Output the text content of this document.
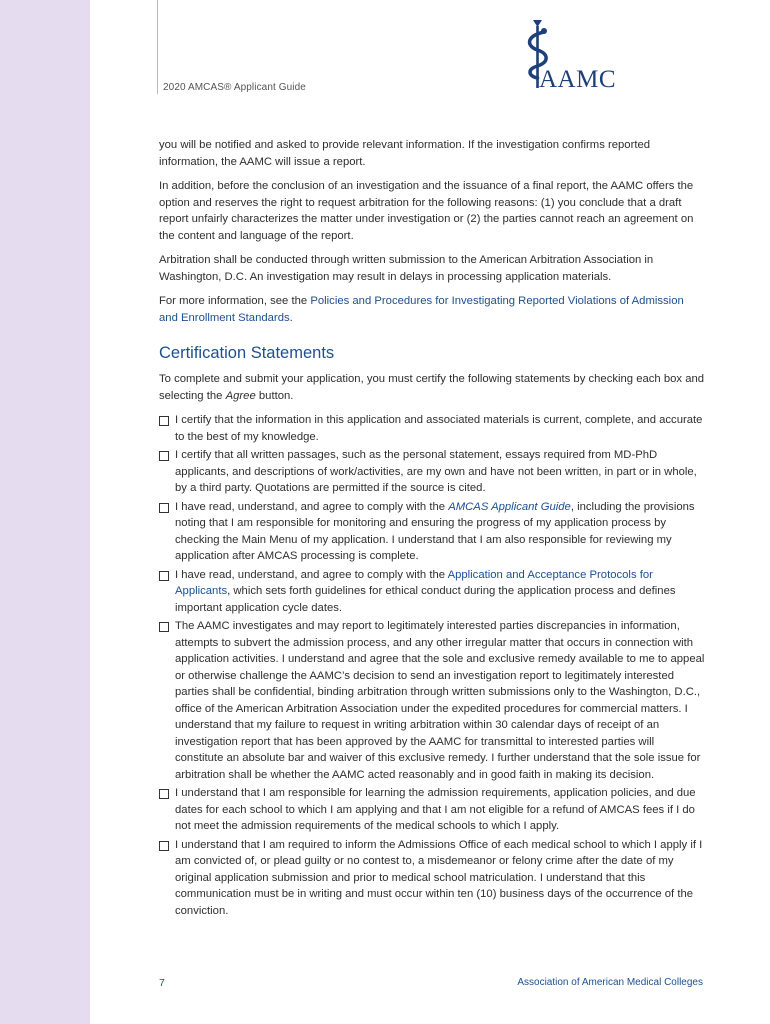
2020 AMCAS® Applicant Guide	AAMC

you will be notified and asked to provide relevant information. If the investigation confirms reported information, the AAMC will issue a report.

In addition, before the conclusion of an investigation and the issuance of a final report, the AAMC offers the option and reserves the right to request arbitration for the following reasons: (1) you conclude that a draft report unfairly characterizes the matter under investigation or (2) the parties cannot reach an agreement on the content and language of the report.

Arbitration shall be conducted through written submission to the American Arbitration Association in Washington, D.C. An investigation may result in delays in processing application materials.

For more information, see the Policies and Procedures for Investigating Reported Violations of Admission and Enrollment Standards.

Certification Statements

To complete and submit your application, you must certify the following statements by checking each box and selecting the Agree button.

I certify that the information in this application and associated materials is current, complete, and accurate to the best of my knowledge.
I certify that all written passages, such as the personal statement, essays required from MD-PhD applicants, and descriptions of work/activities, are my own and have not been written, in part or in whole, by a third party. Quotations are permitted if the source is cited.
I have read, understand, and agree to comply with the AMCAS Applicant Guide, including the provisions noting that I am responsible for monitoring and ensuring the progress of my application process by checking the Main Menu of my application. I understand that I am also responsible for reviewing my application after AMCAS processing is complete.
I have read, understand, and agree to comply with the Application and Acceptance Protocols for Applicants, which sets forth guidelines for ethical conduct during the application process and defines important application cycle dates.
The AAMC investigates and may report to legitimately interested parties discrepancies in information, attempts to subvert the admission process, and any other irregular matter that occurs in connection with application activities. I understand and agree that the sole and exclusive remedy available to me to appeal or otherwise challenge the AAMC’s decision to send an investigation report to legitimately interested parties shall be confidential, binding arbitration through written submissions only to the Washington, D.C., office of the American Arbitration Association under the expedited procedures for commercial matters. I understand that my failure to request in writing arbitration within 30 calendar days of receipt of an investigation report that has been approved by the AAMC for transmittal to interested parties will constitute an absolute bar and waiver of this exclusive remedy. I further understand that the sole issue for arbitration shall be whether the AAMC acted reasonably and in good faith in making its decision.
I understand that I am responsible for learning the admission requirements, application policies, and due dates for each school to which I am applying and that I am not eligible for a refund of AMCAS fees if I do not meet the admission requirements of the medical schools to which I apply.
I understand that I am required to inform the Admissions Office of each medical school to which I apply if I am convicted of, or plead guilty or no contest to, a misdemeanor or felony crime after the date of my original application submission and prior to medical school matriculation. I understand that this communication must be in writing and must occur within ten (10) business days of the occurrence of the conviction.
7	Association of American Medical Colleges
